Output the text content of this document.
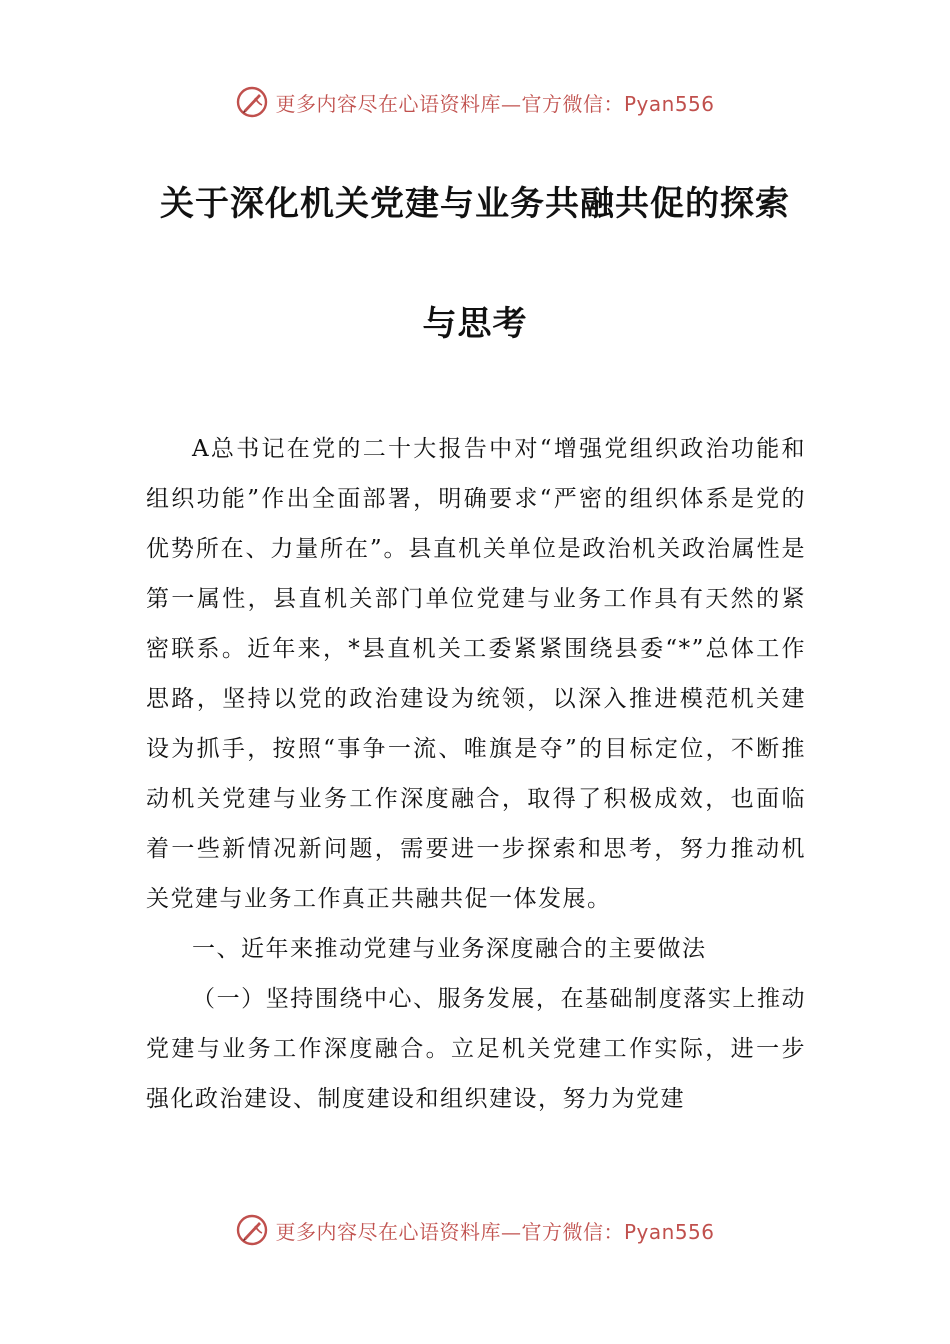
更多内容尽在心语资料库—官方微信：Pyan556
关于深化机关党建与业务共融共促的探索
与思考

A总书记在党的二十大报告中对“增强党组织政治功能和组织功能”作出全面部署，明确要求“严密的组织体系是党的优势所在、力量所在”。县直机关单位是政治机关政治属性是第一属性，县直机关部门单位党建与业务工作具有天然的紧密联系。近年来，*县直机关工委紧紧围绕县委“*”总体工作思路，坚持以党的政治建设为统领，以深入推进模范机关建设为抓手，按照“事争一流、唯旗是夺”的目标定位，不断推动机关党建与业务工作深度融合，取得了积极成效，也面临着一些新情况新问题，需要进一步探索和思考，努力推动机关党建与业务工作真正共融共促一体发展。

一、近年来推动党建与业务深度融合的主要做法

（一）坚持围绕中心、服务发展，在基础制度落实上推动党建与业务工作深度融合。立足机关党建工作实际，进一步强化政治建设、制度建设和组织建设，努力为党建

更多内容尽在心语资料库—官方微信：Pyan556
